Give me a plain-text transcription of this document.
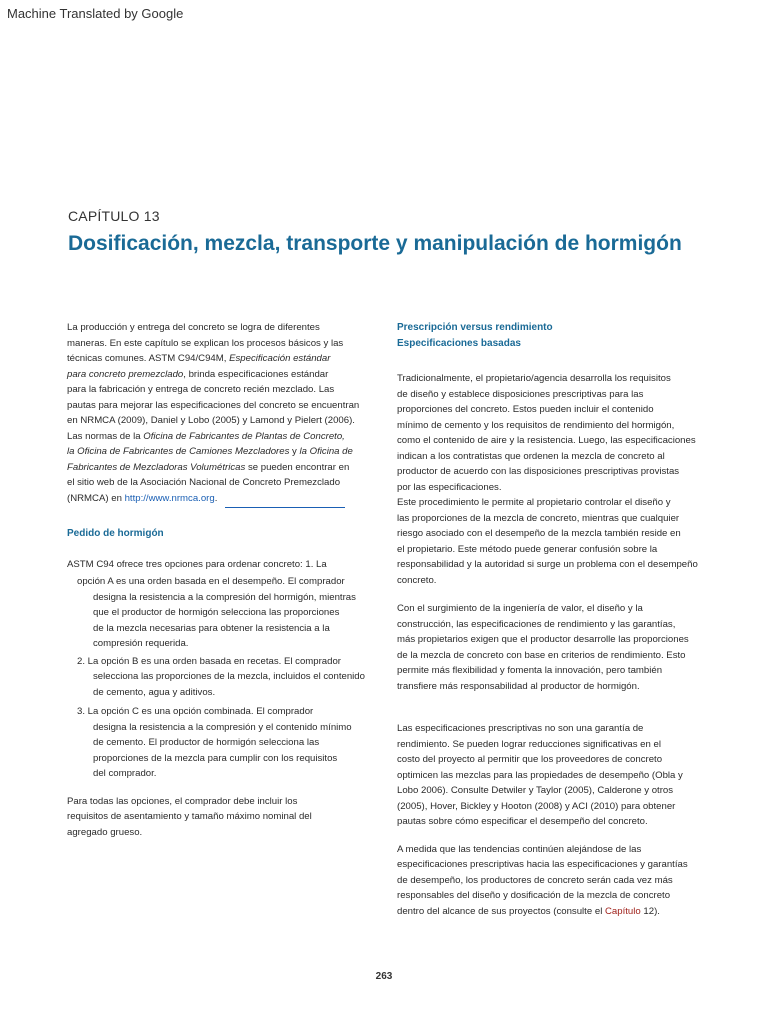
Machine Translated by Google
CAPÍTULO 13
Dosificación, mezcla, transporte y manipulación de hormigón

La producción y entrega del concreto se logra de diferentes
maneras. En este capítulo se explican los procesos básicos y las
técnicas comunes. ASTM C94/C94M, Especificación estándar
para concreto premezclado, brinda especificaciones estándar
para la fabricación y entrega de concreto recién mezclado. Las
pautas para mejorar las especificaciones del concreto se encuentran
en NRMCA (2009), Daniel y Lobo (2005) y Lamond y Pielert (2006).
Las normas de la Oficina de Fabricantes de Plantas de Concreto,
la Oficina de Fabricantes de Camiones Mezcladores y la Oficina de
Fabricantes de Mezcladoras Volumétricas se pueden encontrar en
el sitio web de la Asociación Nacional de Concreto Premezclado
(NRMCA) en http://www.nrmca.org.

Pedido de hormigón

ASTM C94 ofrece tres opciones para ordenar concreto: 1. La

opción A es una orden basada en el desempeño. El comprador
designa la resistencia a la compresión del hormigón, mientras
que el productor de hormigón selecciona las proporciones
de la mezcla necesarias para obtener la resistencia a la
compresión requerida.

2. La opción B es una orden basada en recetas. El comprador
selecciona las proporciones de la mezcla, incluidos el contenido
de cemento, agua y aditivos.

3. La opción C es una opción combinada. El comprador
designa la resistencia a la compresión y el contenido mínimo
de cemento. El productor de hormigón selecciona las
proporciones de la mezcla para cumplir con los requisitos
del comprador.

Para todas las opciones, el comprador debe incluir los
requisitos de asentamiento y tamaño máximo nominal del
agregado grueso.

Prescripción versus rendimiento
Especificaciones basadas

Tradicionalmente, el propietario/agencia desarrolla los requisitos
de diseño y establece disposiciones prescriptivas para las
proporciones del concreto. Estos pueden incluir el contenido
mínimo de cemento y los requisitos de rendimiento del hormigón,
como el contenido de aire y la resistencia. Luego, las especificaciones
indican a los contratistas que ordenen la mezcla de concreto al
productor de acuerdo con las disposiciones prescriptivas provistas
por las especificaciones.
Este procedimiento le permite al propietario controlar el diseño y
las proporciones de la mezcla de concreto, mientras que cualquier
riesgo asociado con el desempeño de la mezcla también reside en
el propietario. Este método puede generar confusión sobre la
responsabilidad y la autoridad si surge un problema con el desempeño
concreto.

Con el surgimiento de la ingeniería de valor, el diseño y la
construcción, las especificaciones de rendimiento y las garantías,
más propietarios exigen que el productor desarrolle las proporciones
de la mezcla de concreto con base en criterios de rendimiento. Esto
permite más flexibilidad y fomenta la innovación, pero también
transfiere más responsabilidad al productor de hormigón.

Las especificaciones prescriptivas no son una garantía de
rendimiento. Se pueden lograr reducciones significativas en el
costo del proyecto al permitir que los proveedores de concreto
optimicen las mezclas para las propiedades de desempeño (Obla y
Lobo 2006). Consulte Detwiler y Taylor (2005), Calderone y otros
(2005), Hover, Bickley y Hooton (2008) y ACI (2010) para obtener
pautas sobre cómo especificar el desempeño del concreto.

A medida que las tendencias continúen alejándose de las
especificaciones prescriptivas hacia las especificaciones y garantías
de desempeño, los productores de concreto serán cada vez más
responsables del diseño y dosificación de la mezcla de concreto
dentro del alcance de sus proyectos (consulte el Capítulo 12).

263
